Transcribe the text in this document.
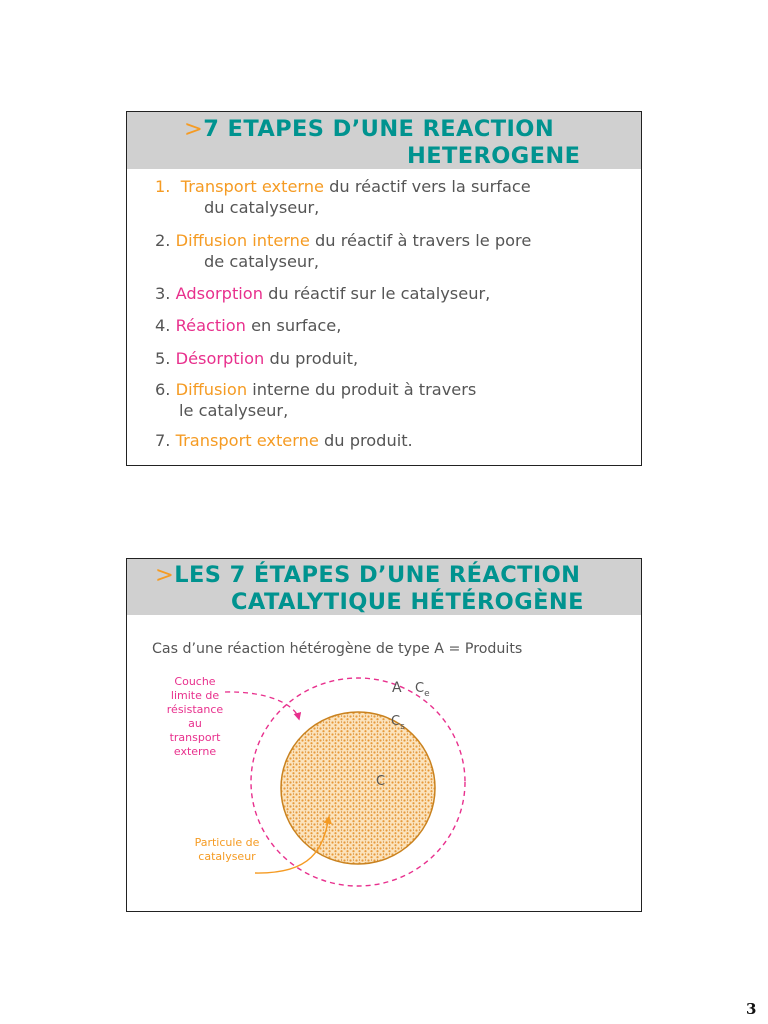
>7 ETAPES D’UNE REACTION
HETEROGENE
1. Transport externe du réactif vers la surface
du catalyseur,
2. Diffusion interne du réactif à travers le pore
de catalyseur,
3. Adsorption du réactif sur le catalyseur,
4. Réaction en surface,
5. Désorption du produit,
6. Diffusion interne du produit à travers
le catalyseur,
7. Transport externe du produit.
>LES 7 ÉTAPES D’UNE RÉACTION
CATALYTIQUE HÉTÉROGÈNE
Cas d’une réaction hétérogène de type A = Produits
A $C_e$
$C_s$
C
Couche
limite de
résistance
au
transport
externe
Particule de
catalyseur
3
